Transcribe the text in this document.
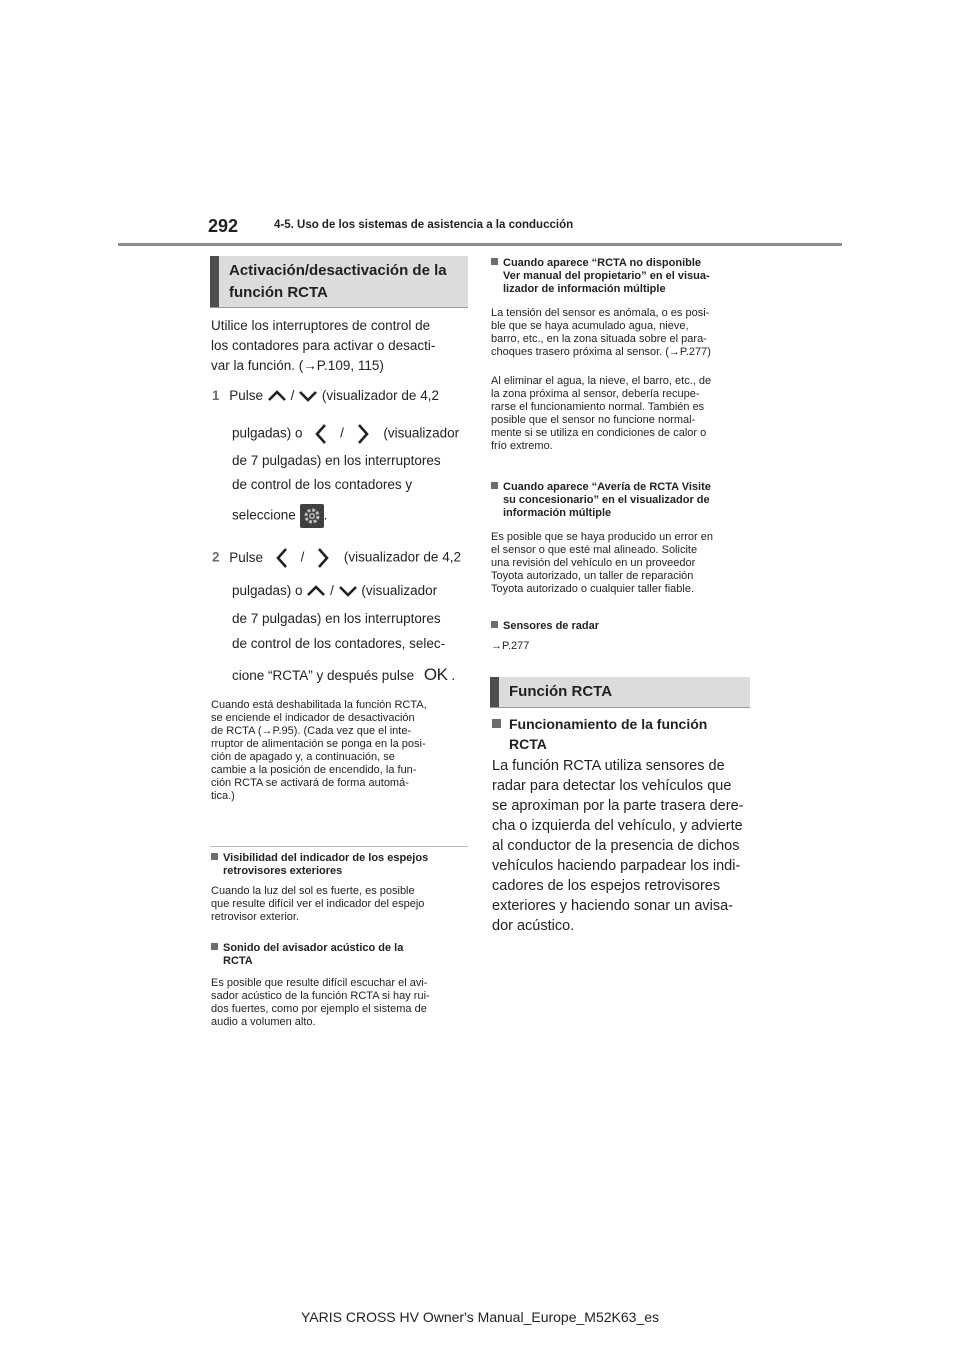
292	4-5. Uso de los sistemas de asistencia a la conducción
Activación/desactivación de la función RCTA
Utilice los interruptores de control de
los contadores para activar o desacti-
var la función. (→P.109, 115)
1 Pulse / (visualizador de 4,2
pulgadas) o	/	(visualizador
de 7 pulgadas) en los interruptores
de control de los contadores y
seleccione .
2 Pulse	/	(visualizador de 4,2
pulgadas) o / (visualizador
de 7 pulgadas) en los interruptores
de control de los contadores, selec-
cione “RCTA” y después pulse OK .
Cuando está deshabilitada la función RCTA,
se enciende el indicador de desactivación
de RCTA (→P.95). (Cada vez que el inte-
rruptor de alimentación se ponga en la posi-
ción de apagado y, a continuación, se
cambie a la posición de encendido, la fun-
ción RCTA se activará de forma automá-
tica.)
Visibilidad del indicador de los espejos
retrovisores exteriores
Cuando la luz del sol es fuerte, es posible
que resulte difícil ver el indicador del espejo
retrovisor exterior.
Sonido del avisador acústico de la
RCTA
Es posible que resulte difícil escuchar el avi-
sador acústico de la función RCTA si hay rui-
dos fuertes, como por ejemplo el sistema de
audio a volumen alto.
Cuando aparece “RCTA no disponible
Ver manual del propietario” en el visua-
lizador de información múltiple
La tensión del sensor es anómala, o es posi-
ble que se haya acumulado agua, nieve,
barro, etc., en la zona situada sobre el para-
choques trasero próxima al sensor. (→P.277)
Al eliminar el agua, la nieve, el barro, etc., de
la zona próxima al sensor, debería recupe-
rarse el funcionamiento normal. También es
posible que el sensor no funcione normal-
mente si se utiliza en condiciones de calor o
frío extremo.
Cuando aparece “Avería de RCTA Visite
su concesionario” en el visualizador de
información múltiple
Es posible que se haya producido un error en
el sensor o que esté mal alineado. Solicite
una revisión del vehículo en un proveedor
Toyota autorizado, un taller de reparación
Toyota autorizado o cualquier taller fiable.
Sensores de radar
→P.277
Función RCTA
Funcionamiento de la función
RCTA
La función RCTA utiliza sensores de
radar para detectar los vehículos que
se aproximan por la parte trasera dere-
cha o izquierda del vehículo, y advierte
al conductor de la presencia de dichos
vehículos haciendo parpadear los indi-
cadores de los espejos retrovisores
exteriores y haciendo sonar un avisa-
dor acústico.
YARIS CROSS HV Owner's Manual_Europe_M52K63_es
